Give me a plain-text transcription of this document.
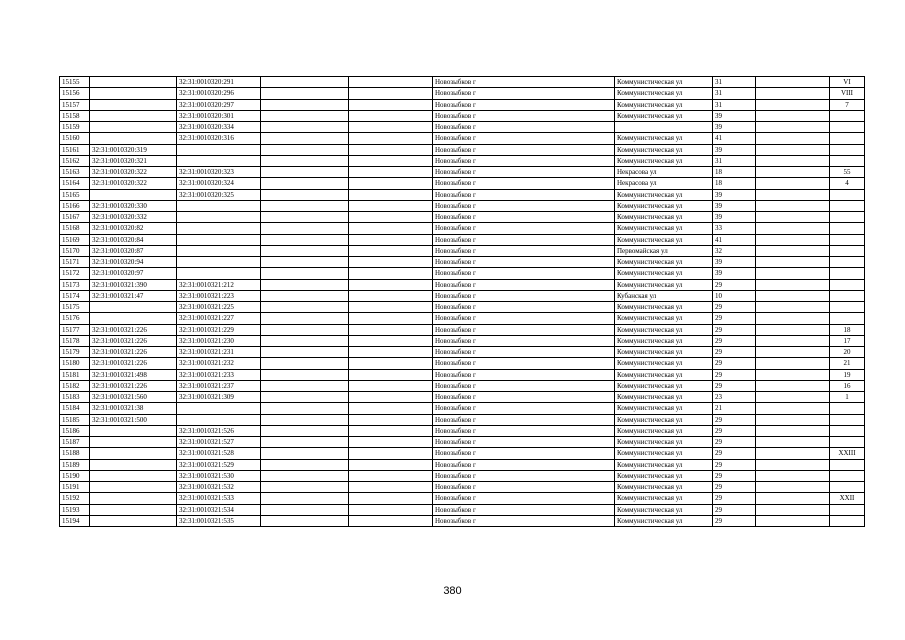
15155		32:31:0010320:291			Новозыбков г	Коммунистическая ул	31		VI
15156		32:31:0010320:296			Новозыбков г	Коммунистическая ул	31		VIII
15157		32:31:0010320:297			Новозыбков г	Коммунистическая ул	31		7
15158		32:31:0010320:301			Новозыбков г	Коммунистическая ул	39		
15159		32:31:0010320:334			Новозыбков г		39		
15160		32:31:0010320:316			Новозыбков г	Коммунистическая ул	41		
15161	32:31:0010320:319				Новозыбков г	Коммунистическая ул	39		
15162	32:31:0010320:321				Новозыбков г	Коммунистическая ул	31		
15163	32:31:0010320:322	32:31:0010320:323			Новозыбков г	Некрасова ул	18		55
15164	32:31:0010320:322	32:31:0010320:324			Новозыбков г	Некрасова ул	18		4
15165		32:31:0010320:325			Новозыбков г	Коммунистическая ул	39		
15166	32:31:0010320:330				Новозыбков г	Коммунистическая ул	39		
15167	32:31:0010320:332				Новозыбков г	Коммунистическая ул	39		
15168	32:31:0010320:82				Новозыбков г	Коммунистическая ул	33		
15169	32:31:0010320:84				Новозыбков г	Коммунистическая ул	41		
15170	32:31:0010320:87				Новозыбков г	Первомайская ул	32		
15171	32:31:0010320:94				Новозыбков г	Коммунистическая ул	39		
15172	32:31:0010320:97				Новозыбков г	Коммунистическая ул	39		
15173	32:31:0010321:390	32:31:0010321:212			Новозыбков г	Коммунистическая ул	29		
15174	32:31:0010321:47	32:31:0010321:223			Новозыбков г	Кубанская ул	10		
15175		32:31:0010321:225			Новозыбков г	Коммунистическая ул	29		
15176		32:31:0010321:227			Новозыбков г	Коммунистическая ул	29		
15177	32:31:0010321:226	32:31:0010321:229			Новозыбков г	Коммунистическая ул	29		18
15178	32:31:0010321:226	32:31:0010321:230			Новозыбков г	Коммунистическая ул	29		17
15179	32:31:0010321:226	32:31:0010321:231			Новозыбков г	Коммунистическая ул	29		20
15180	32:31:0010321:226	32:31:0010321:232			Новозыбков г	Коммунистическая ул	29		21
15181	32:31:0010321:498	32:31:0010321:233			Новозыбков г	Коммунистическая ул	29		19
15182	32:31:0010321:226	32:31:0010321:237			Новозыбков г	Коммунистическая ул	29		16
15183	32:31:0010321:560	32:31:0010321:309			Новозыбков г	Коммунистическая ул	23		1
15184	32:31:0010321:38				Новозыбков г	Коммунистическая ул	21		
15185	32:31:0010321:500				Новозыбков г	Коммунистическая ул	29		
15186		32:31:0010321:526			Новозыбков г	Коммунистическая ул	29		
15187		32:31:0010321:527			Новозыбков г	Коммунистическая ул	29		
15188		32:31:0010321:528			Новозыбков г	Коммунистическая ул	29		XXIII
15189		32:31:0010321:529			Новозыбков г	Коммунистическая ул	29		
15190		32:31:0010321:530			Новозыбков г	Коммунистическая ул	29		
15191		32:31:0010321:532			Новозыбков г	Коммунистическая ул	29		
15192		32:31:0010321:533			Новозыбков г	Коммунистическая ул	29		XXII
15193		32:31:0010321:534			Новозыбков г	Коммунистическая ул	29		
15194		32:31:0010321:535			Новозыбков г	Коммунистическая ул	29		
380
